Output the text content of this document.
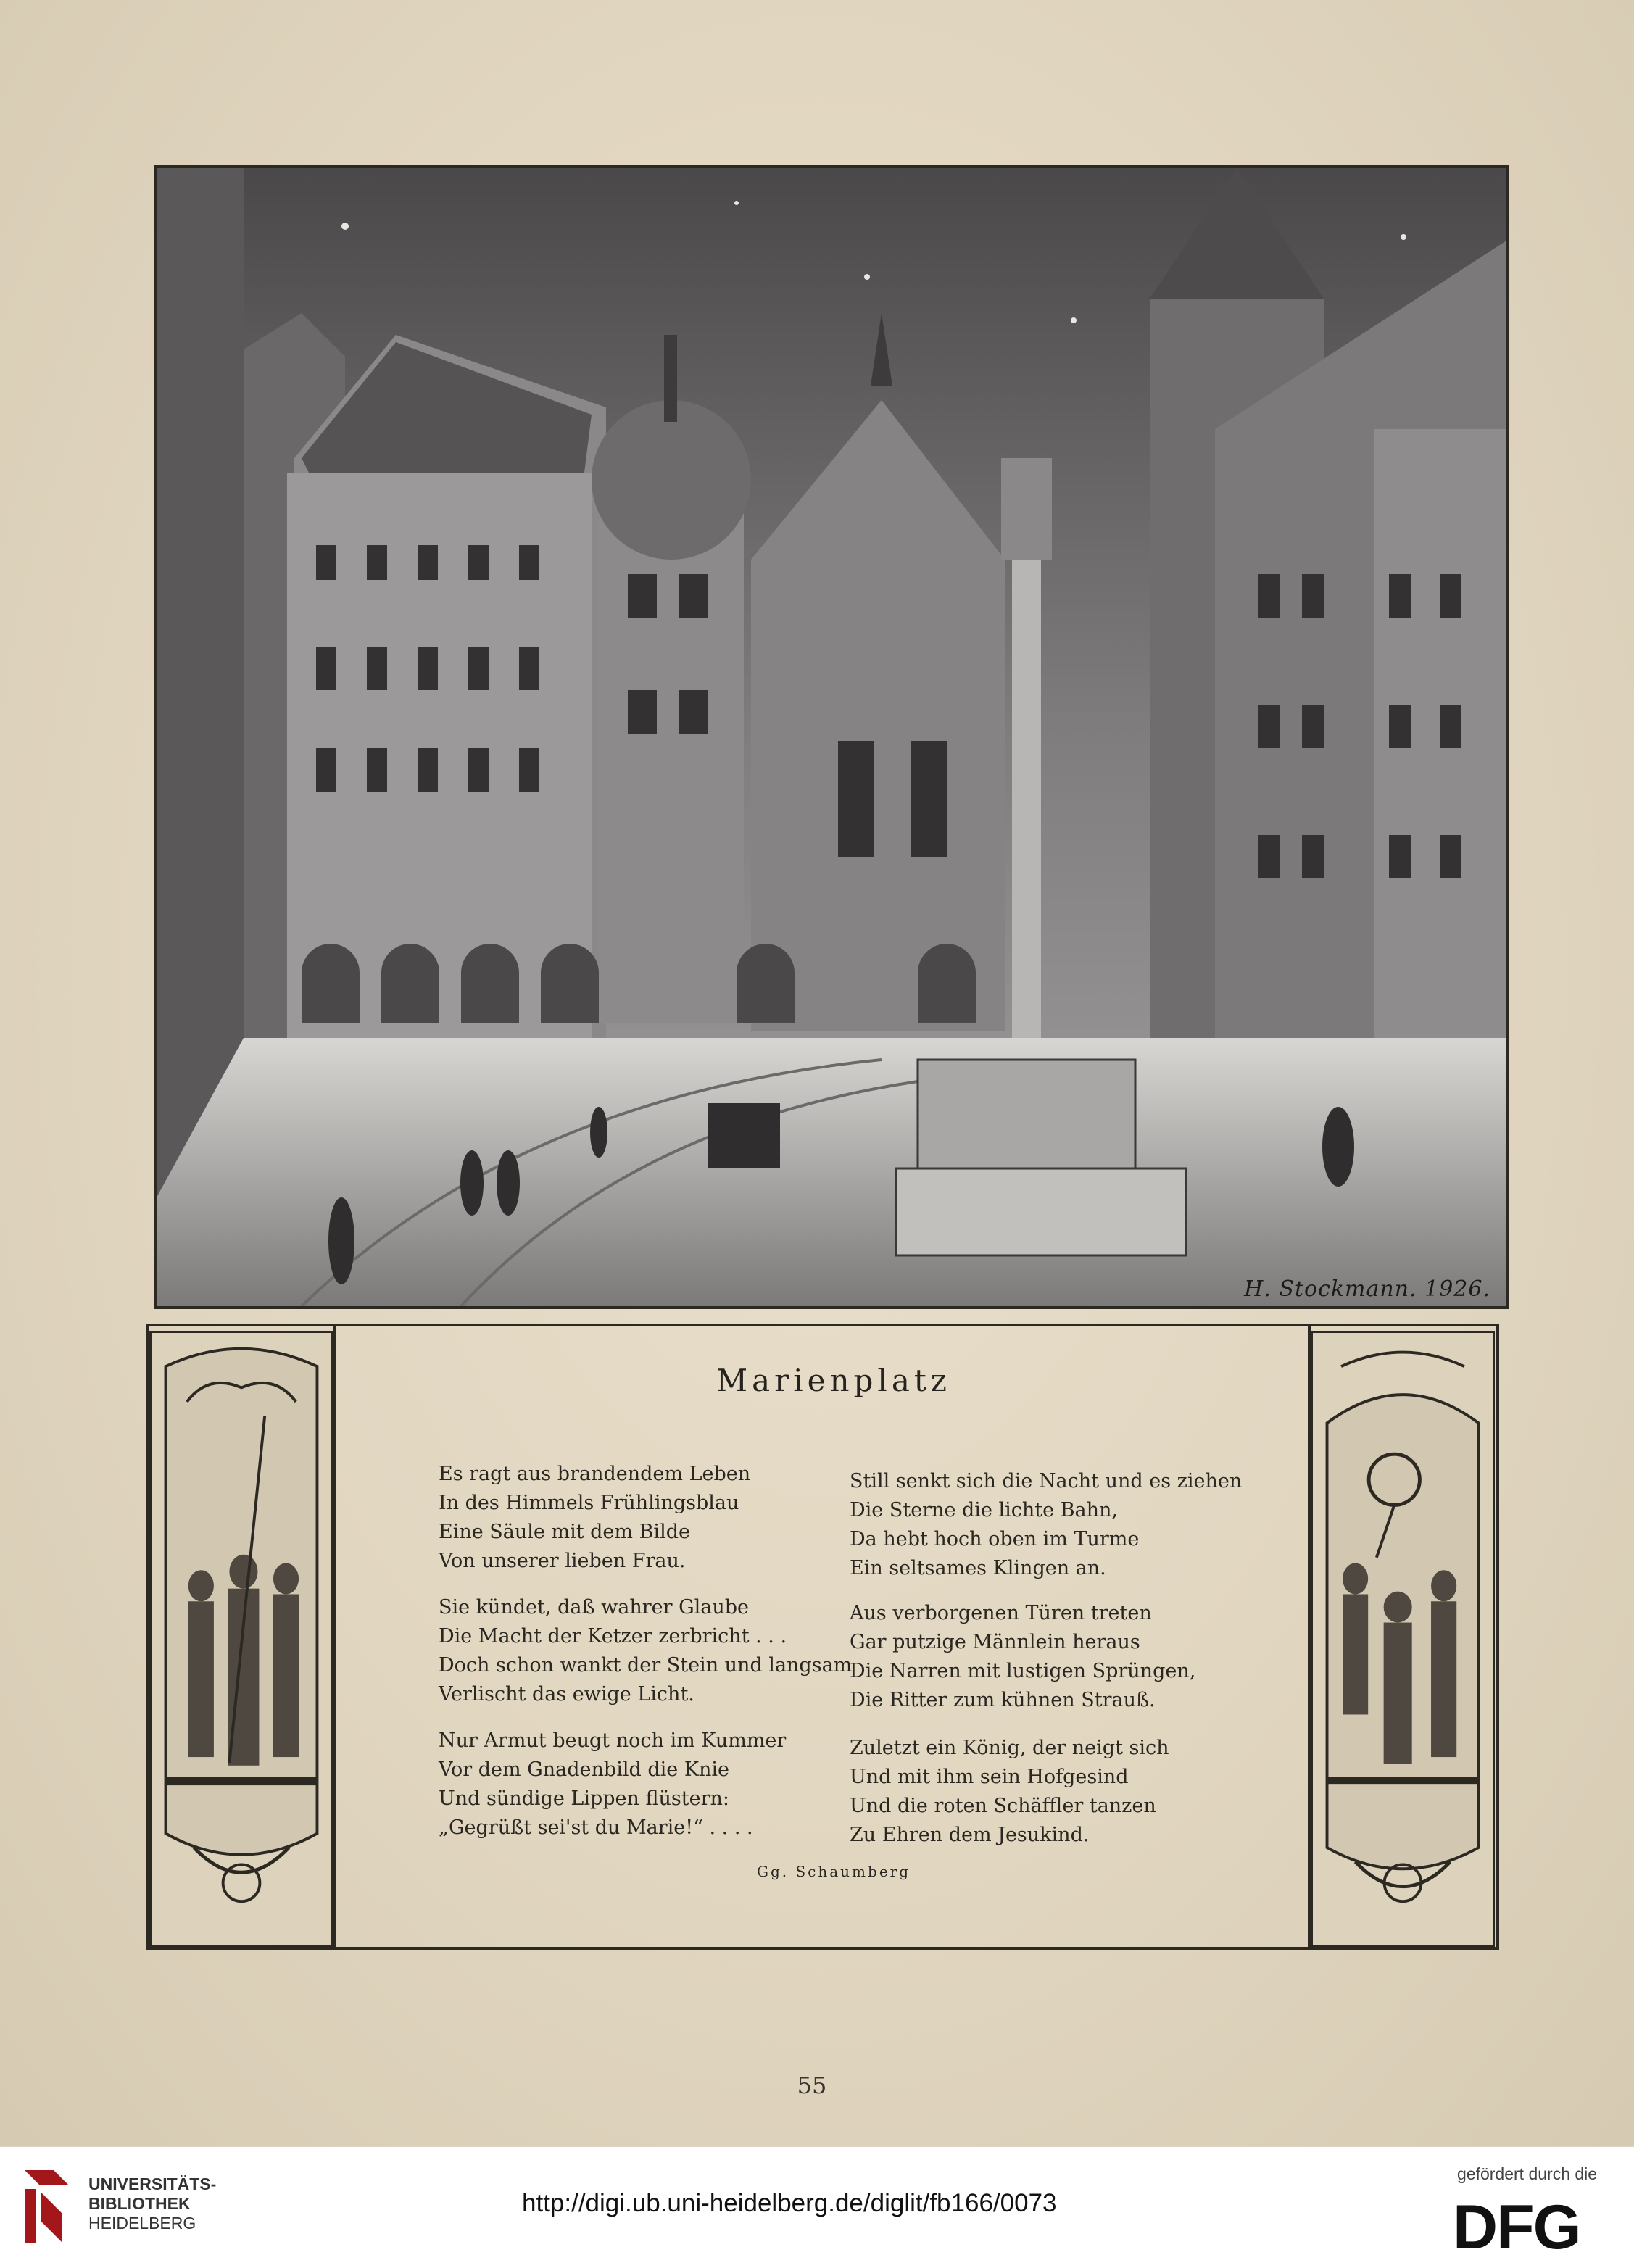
H. Stockmann. 1926.
Marienplatz
Es ragt aus brandendem Leben
In des Himmels Frühlingsblau
Eine Säule mit dem Bilde
Von unserer lieben Frau.
Sie kündet, daß wahrer Glaube
Die Macht der Ketzer zerbricht . . .
Doch schon wankt der Stein und langsam
Verlischt das ewige Licht.
Nur Armut beugt noch im Kummer
Vor dem Gnadenbild die Knie
Und sündige Lippen flüstern:
„Gegrüßt sei'st du Marie!“ . . . .
Still senkt sich die Nacht und es ziehen
Die Sterne die lichte Bahn,
Da hebt hoch oben im Turme
Ein seltsames Klingen an.
Aus verborgenen Türen treten
Gar putzige Männlein heraus
Die Narren mit lustigen Sprüngen,
Die Ritter zum kühnen Strauß.
Zuletzt ein König, der neigt sich
Und mit ihm sein Hofgesind
Und die roten Schäffler tanzen
Zu Ehren dem Jesukind.
Gg. Schaumberg
55
UNIVERSITÄTS-
BIBLIOTHEK
HEIDELBERG
http://digi.ub.uni-heidelberg.de/diglit/fb166/0073
gefördert durch die
DFG
